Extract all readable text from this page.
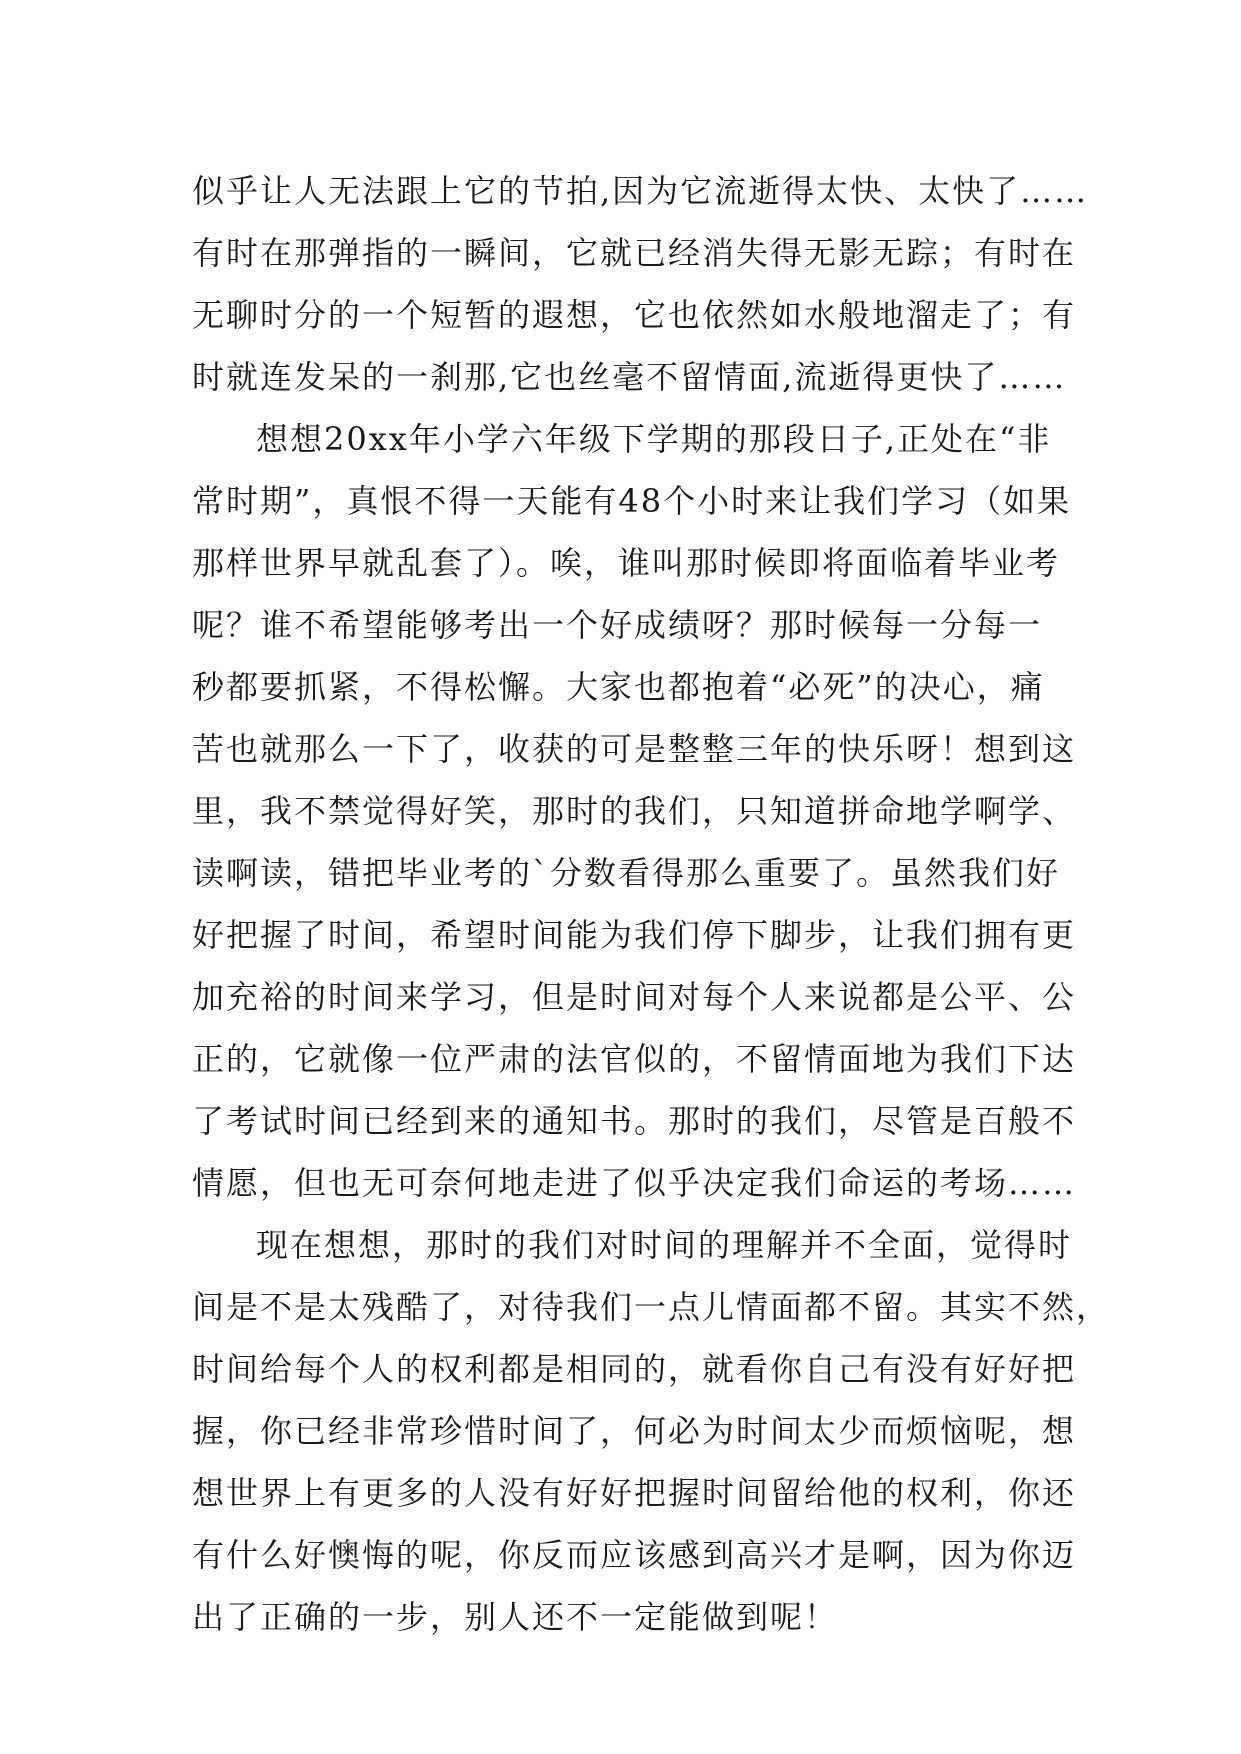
似乎让人无法跟上它的节拍,因为它流逝得太快、太快了……
有时在那弹指的一瞬间，它就已经消失得无影无踪；有时在
无聊时分的一个短暂的遐想，它也依然如水般地溜走了；有
时就连发呆的一刹那,它也丝毫不留情面,流逝得更快了……
想想20xx年小学六年级下学期的那段日子,正处在“非
常时期”，真恨不得一天能有48个小时来让我们学习（如果
那样世界早就乱套了）。唉，谁叫那时候即将面临着毕业考
呢？谁不希望能够考出一个好成绩呀？那时候每一分每一
秒都要抓紧，不得松懈。大家也都抱着“必死”的决心，痛
苦也就那么一下了，收获的可是整整三年的快乐呀！想到这
里，我不禁觉得好笑，那时的我们，只知道拼命地学啊学、
读啊读，错把毕业考的`分数看得那么重要了。虽然我们好
好把握了时间，希望时间能为我们停下脚步，让我们拥有更
加充裕的时间来学习，但是时间对每个人来说都是公平、公
正的，它就像一位严肃的法官似的，不留情面地为我们下达
了考试时间已经到来的通知书。那时的我们，尽管是百般不
情愿，但也无可奈何地走进了似乎决定我们命运的考场……
现在想想，那时的我们对时间的理解并不全面，觉得时
间是不是太残酷了，对待我们一点儿情面都不留。其实不然，
时间给每个人的权利都是相同的，就看你自己有没有好好把
握，你已经非常珍惜时间了，何必为时间太少而烦恼呢，想
想世界上有更多的人没有好好把握时间留给他的权利，你还
有什么好懊悔的呢，你反而应该感到高兴才是啊，因为你迈
出了正确的一步，别人还不一定能做到呢！
